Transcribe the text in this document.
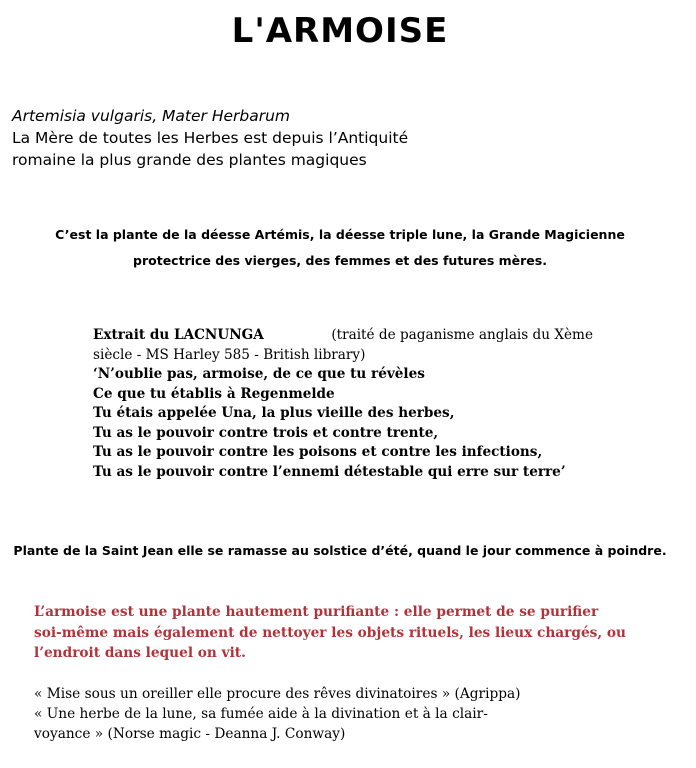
L'ARMOISE
Artemisia vulgaris, Mater Herbarum
La Mère de toutes les Herbes est depuis l’Antiquité
romaine la plus grande des plantes magiques
C’est la plante de la déesse Artémis, la déesse triple lune, la Grande Magicienne
protectrice des vierges, des femmes et des futures mères.
Extrait du LACNUNGA	(traité de paganisme anglais du Xème
siècle - MS Harley 585 - British library)
‘N’oublie pas, armoise, de ce que tu révèles
Ce que tu établis à Regenmelde
Tu étais appelée Una, la plus vieille des herbes,
Tu as le pouvoir contre trois et contre trente,
Tu as le pouvoir contre les poisons et contre les infections,
Tu as le pouvoir contre l’ennemi détestable qui erre sur terre’
Plante de la Saint Jean elle se ramasse au solstice d’été, quand le jour commence à poindre.
L’armoise est une plante hautement purifiante : elle permet de se purifier
soi-même mais également de nettoyer les objets rituels, les lieux chargés, ou
l’endroit dans lequel on vit.
« Mise sous un oreiller elle procure des rêves divinatoires » (Agrippa)
« Une herbe de la lune, sa fumée aide à la divination et à la clair-
voyance » (Norse magic - Deanna J. Conway)
